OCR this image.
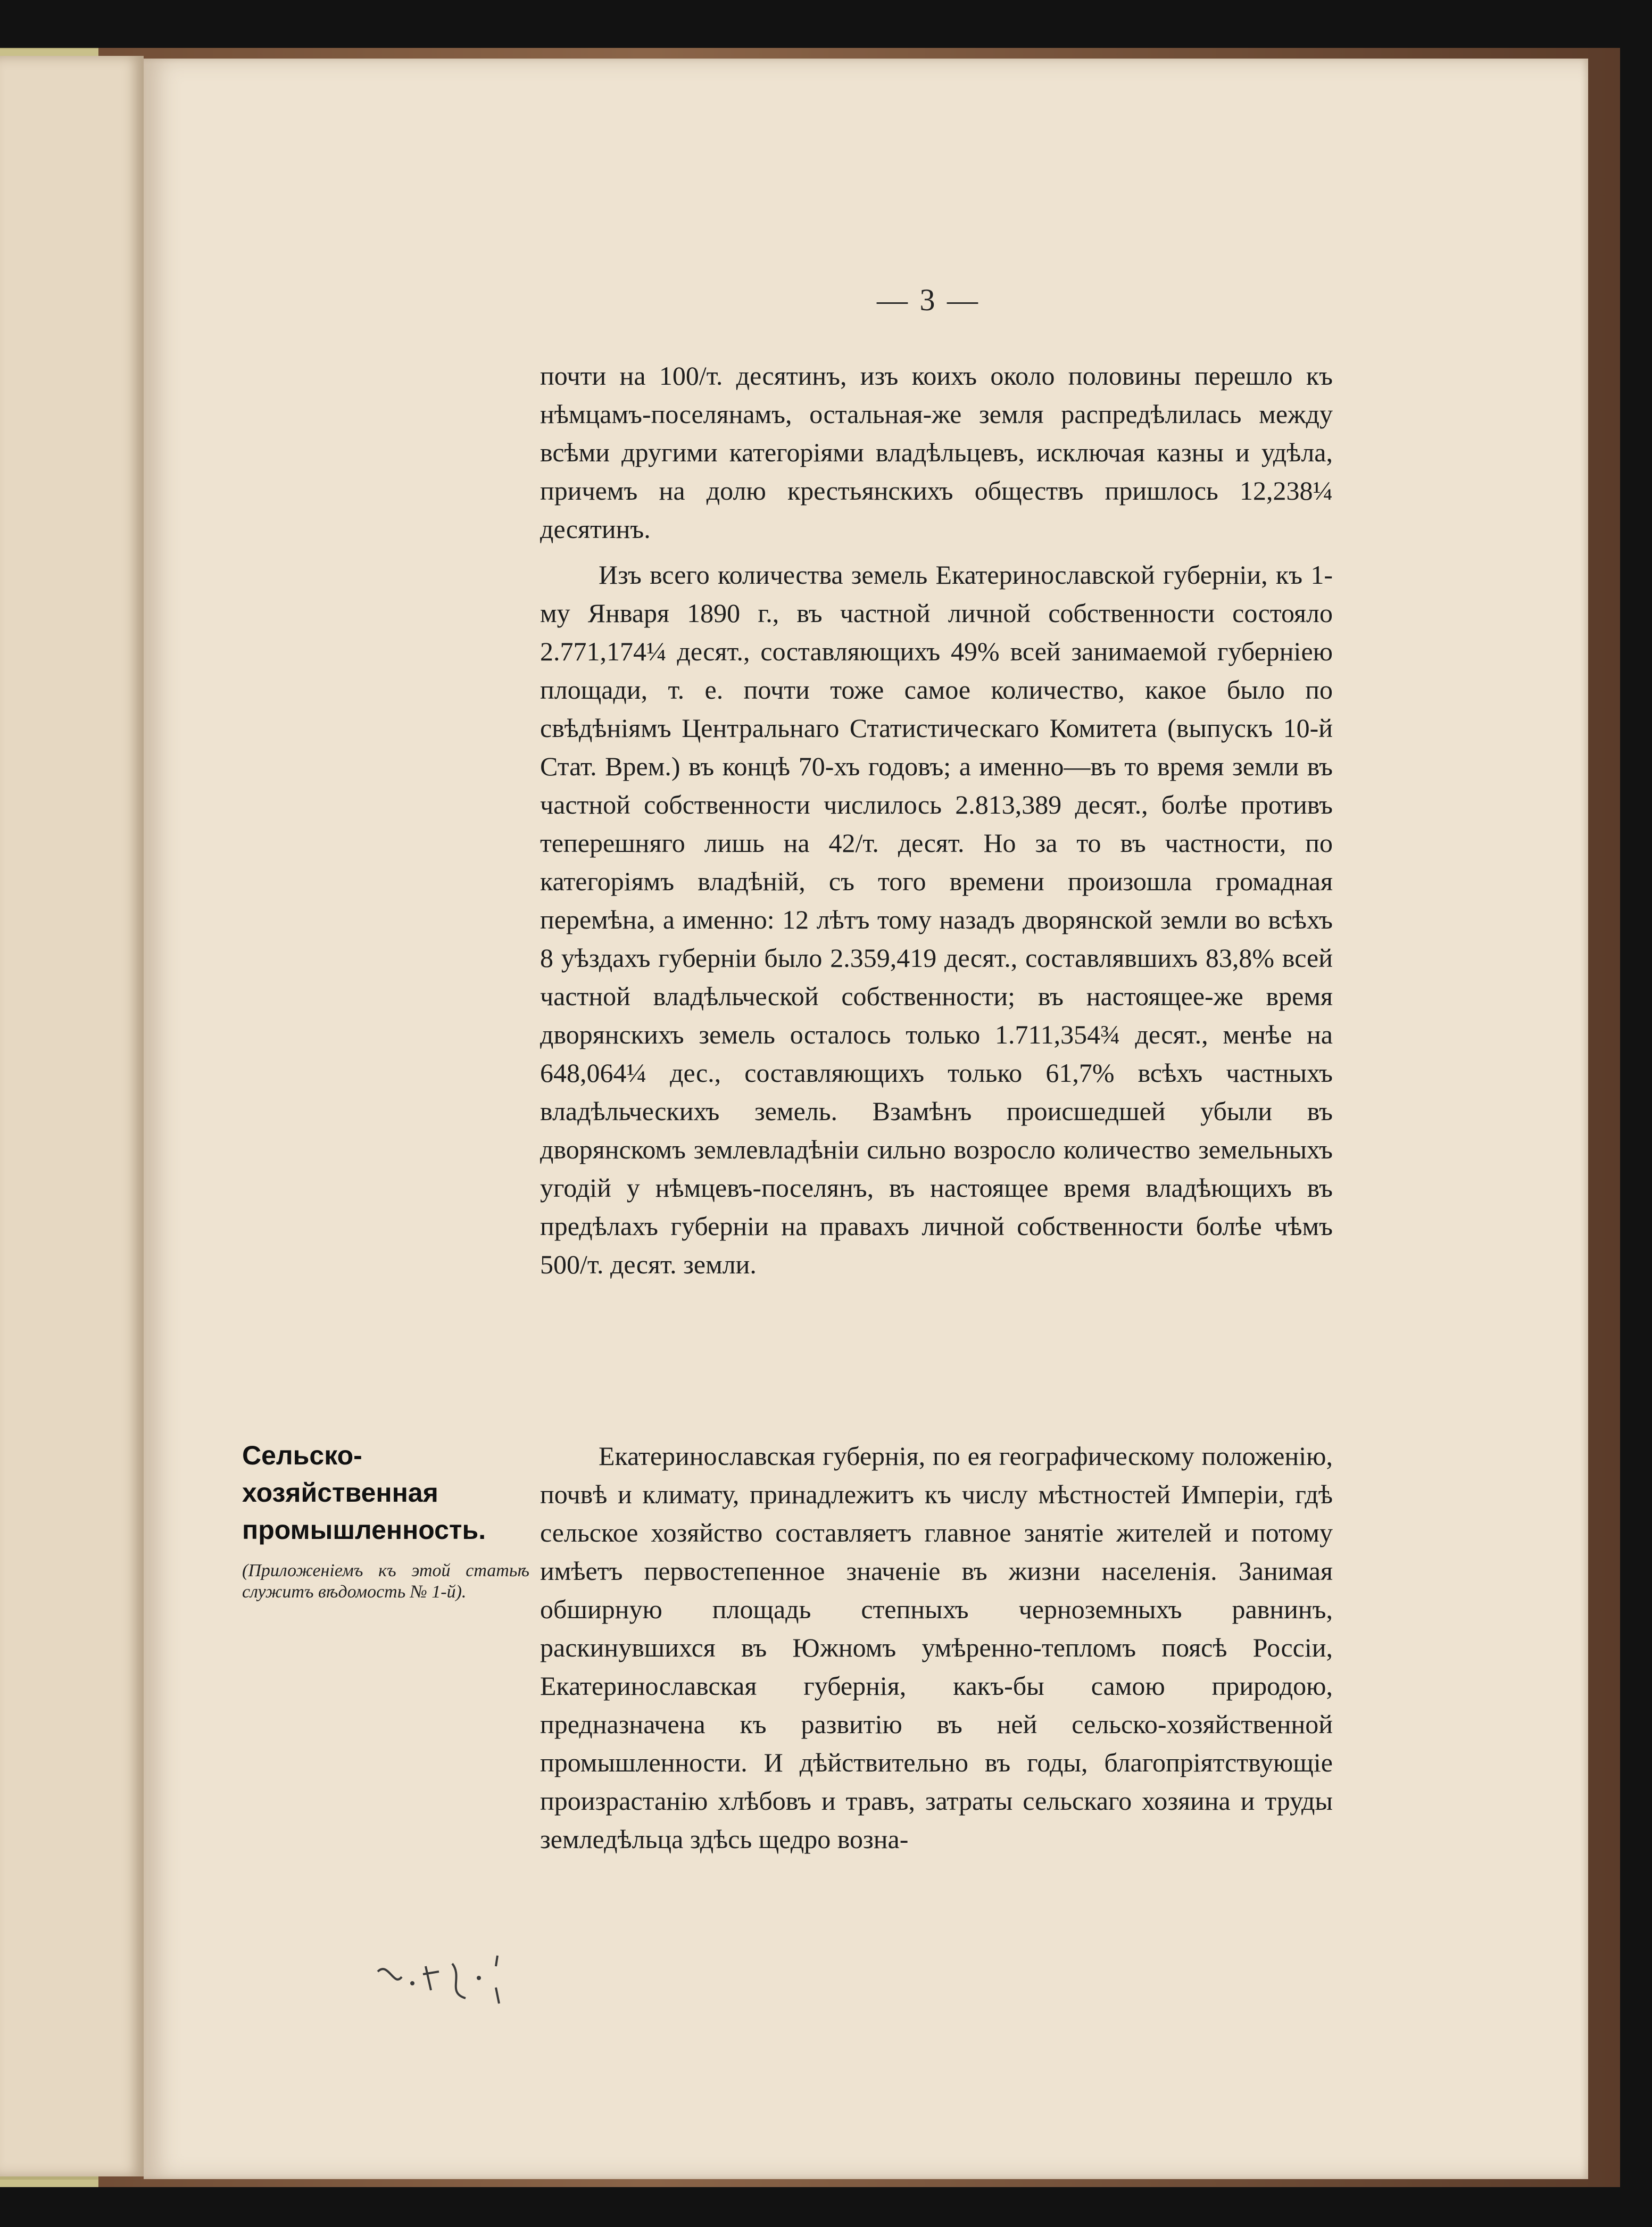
— 3 —

почти на 100/т. десятинъ, изъ коихъ около половины перешло къ нѣмцамъ-поселянамъ, остальная-же земля распредѣлилась между всѣми другими категоріями владѣльцевъ, исключая казны и удѣла, причемъ на долю крестьянскихъ обществъ пришлось 12,238¼ десятинъ.

Изъ всего количества земель Екатеринославской губерніи, къ 1-му Января 1890 г., въ частной личной собственности состояло 2.771,174¼ десят., составляющихъ 49% всей занимаемой губерніею площади, т. е. почти тоже самое количество, какое было по свѣдѣніямъ Центральнаго Статистическаго Комитета (выпускъ 10-й Стат. Врем.) въ концѣ 70-хъ годовъ; а именно—въ то время земли въ частной собственности числилось 2.813,389 десят., болѣе противъ теперешняго лишь на 42/т. десят. Но за то въ частности, по категоріямъ владѣній, съ того времени произошла громадная перемѣна, а именно: 12 лѣтъ тому назадъ дворянской земли во всѣхъ 8 уѣздахъ губерніи было 2.359,419 десят., составлявшихъ 83,8% всей частной владѣльческой собственности; въ настоящее-же время дворянскихъ земель осталось только 1.711,354¾ десят., менѣе на 648,064¼ дес., составляющихъ только 61,7% всѣхъ частныхъ владѣльческихъ земель. Взамѣнъ происшедшей убыли въ дворянскомъ землевладѣніи сильно возросло количество земельныхъ угодій у нѣмцевъ-поселянъ, въ настоящее время владѣющихъ въ предѣлахъ губерніи на правахъ личной собственности болѣе чѣмъ 500/т. десят. земли.

Сельско-хозяйственная промышленность.

(Приложеніемъ къ этой статьѣ служитъ вѣдомость № 1-й).

Екатеринославская губернія, по ея географическому положенію, почвѣ и климату, принадлежитъ къ числу мѣстностей Имперіи, гдѣ сельское хозяйство составляетъ главное занятіе жителей и потому имѣетъ первостепенное значеніе въ жизни населенія. Занимая обширную площадь степныхъ черноземныхъ равнинъ, раскинувшихся въ Южномъ умѣренно-тепломъ поясѣ Россіи, Екатеринославская губернія, какъ-бы самою природою, предназначена къ развитію въ ней сельско-хозяйственной промышленности. И дѣйствительно въ годы, благопріятствующіе произрастанію хлѣбовъ и травъ, затраты сельскаго хозяина и труды земледѣльца здѣсь щедро возна-
